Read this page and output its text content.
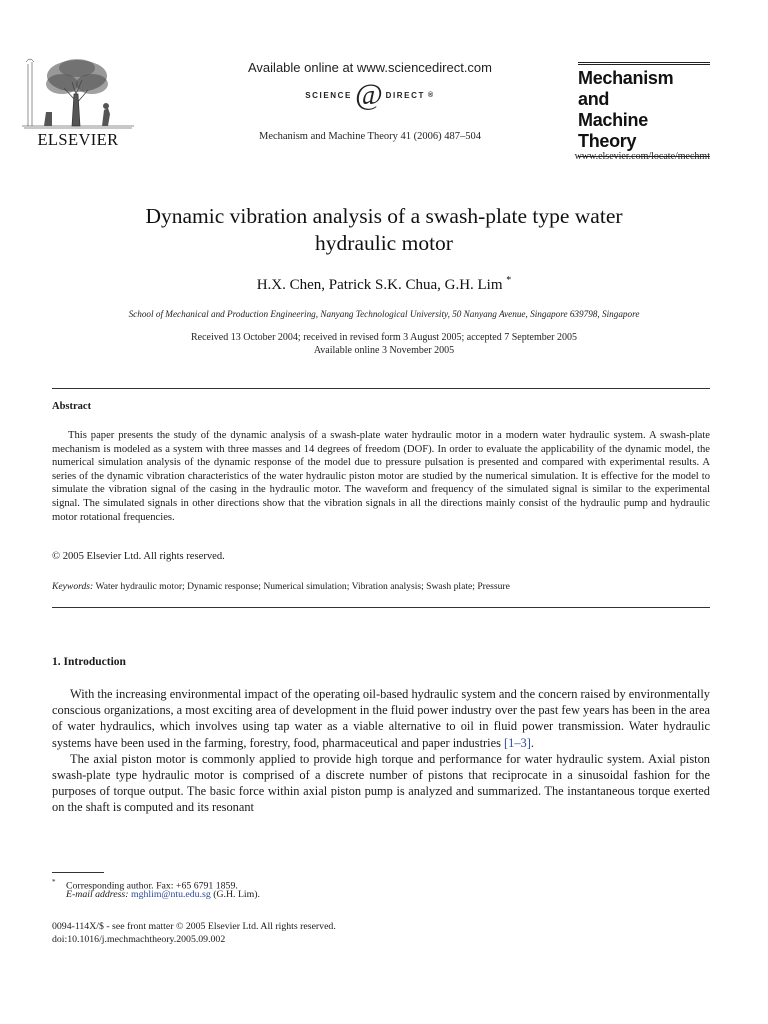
ELSEVIER
Available online at www.sciencedirect.com
SCIENCE @ DIRECT ®
Mechanism and Machine Theory 41 (2006) 487–504
Mechanism
and
Machine Theory
www.elsevier.com/locate/mechmt
Dynamic vibration analysis of a swash-plate type water
hydraulic motor
H.X. Chen, Patrick S.K. Chua, G.H. Lim *
School of Mechanical and Production Engineering, Nanyang Technological University, 50 Nanyang Avenue, Singapore 639798, Singapore
Received 13 October 2004; received in revised form 3 August 2005; accepted 7 September 2005
Available online 3 November 2005
Abstract

This paper presents the study of the dynamic analysis of a swash-plate water hydraulic motor in a modern water hydraulic system. A swash-plate mechanism is modeled as a system with three masses and 14 degrees of freedom (DOF). In order to evaluate the applicability of the dynamic model, the numerical simulation analysis of the dynamic response of the model due to pressure pulsation is presented and compared with experimental results. A series of the dynamic vibration characteristics of the water hydraulic piston motor are studied by the numerical simulation. It is effective for the model to simulate the vibration signal of the casing in the hydraulic motor. The waveform and frequency of the simulated signal is similar to the experimental signal. The simulated signals in other directions show that the vibration signals in all the directions mainly consist of the hydraulic pump and hydraulic motor rotational frequencies.

© 2005 Elsevier Ltd. All rights reserved.
Keywords: Water hydraulic motor; Dynamic response; Numerical simulation; Vibration analysis; Swash plate; Pressure
1. Introduction

With the increasing environmental impact of the operating oil-based hydraulic system and the concern raised by environmentally conscious organizations, a most exciting area of development in the fluid power industry over the past few years has been in the area of water hydraulics, which involves using tap water as a viable alternative to oil in fluid power transmission. Water hydraulic systems have been used in the farming, forestry, food, pharmaceutical and paper industries [1–3].

The axial piston motor is commonly applied to provide high torque and performance for water hydraulic system. Axial piston swash-plate type hydraulic motor is comprised of a discrete number of pistons that reciprocate in a sinusoidal fashion for the purposes of torque output. The basic force within axial piston pump is analyzed and summarized. The instantaneous torque exerted on the shaft is computed and its resonant

* Corresponding author. Fax: +65 6791 1859.
E-mail address: mghlim@ntu.edu.sg (G.H. Lim).
0094-114X/$ - see front matter © 2005 Elsevier Ltd. All rights reserved.
doi:10.1016/j.mechmachtheory.2005.09.002
